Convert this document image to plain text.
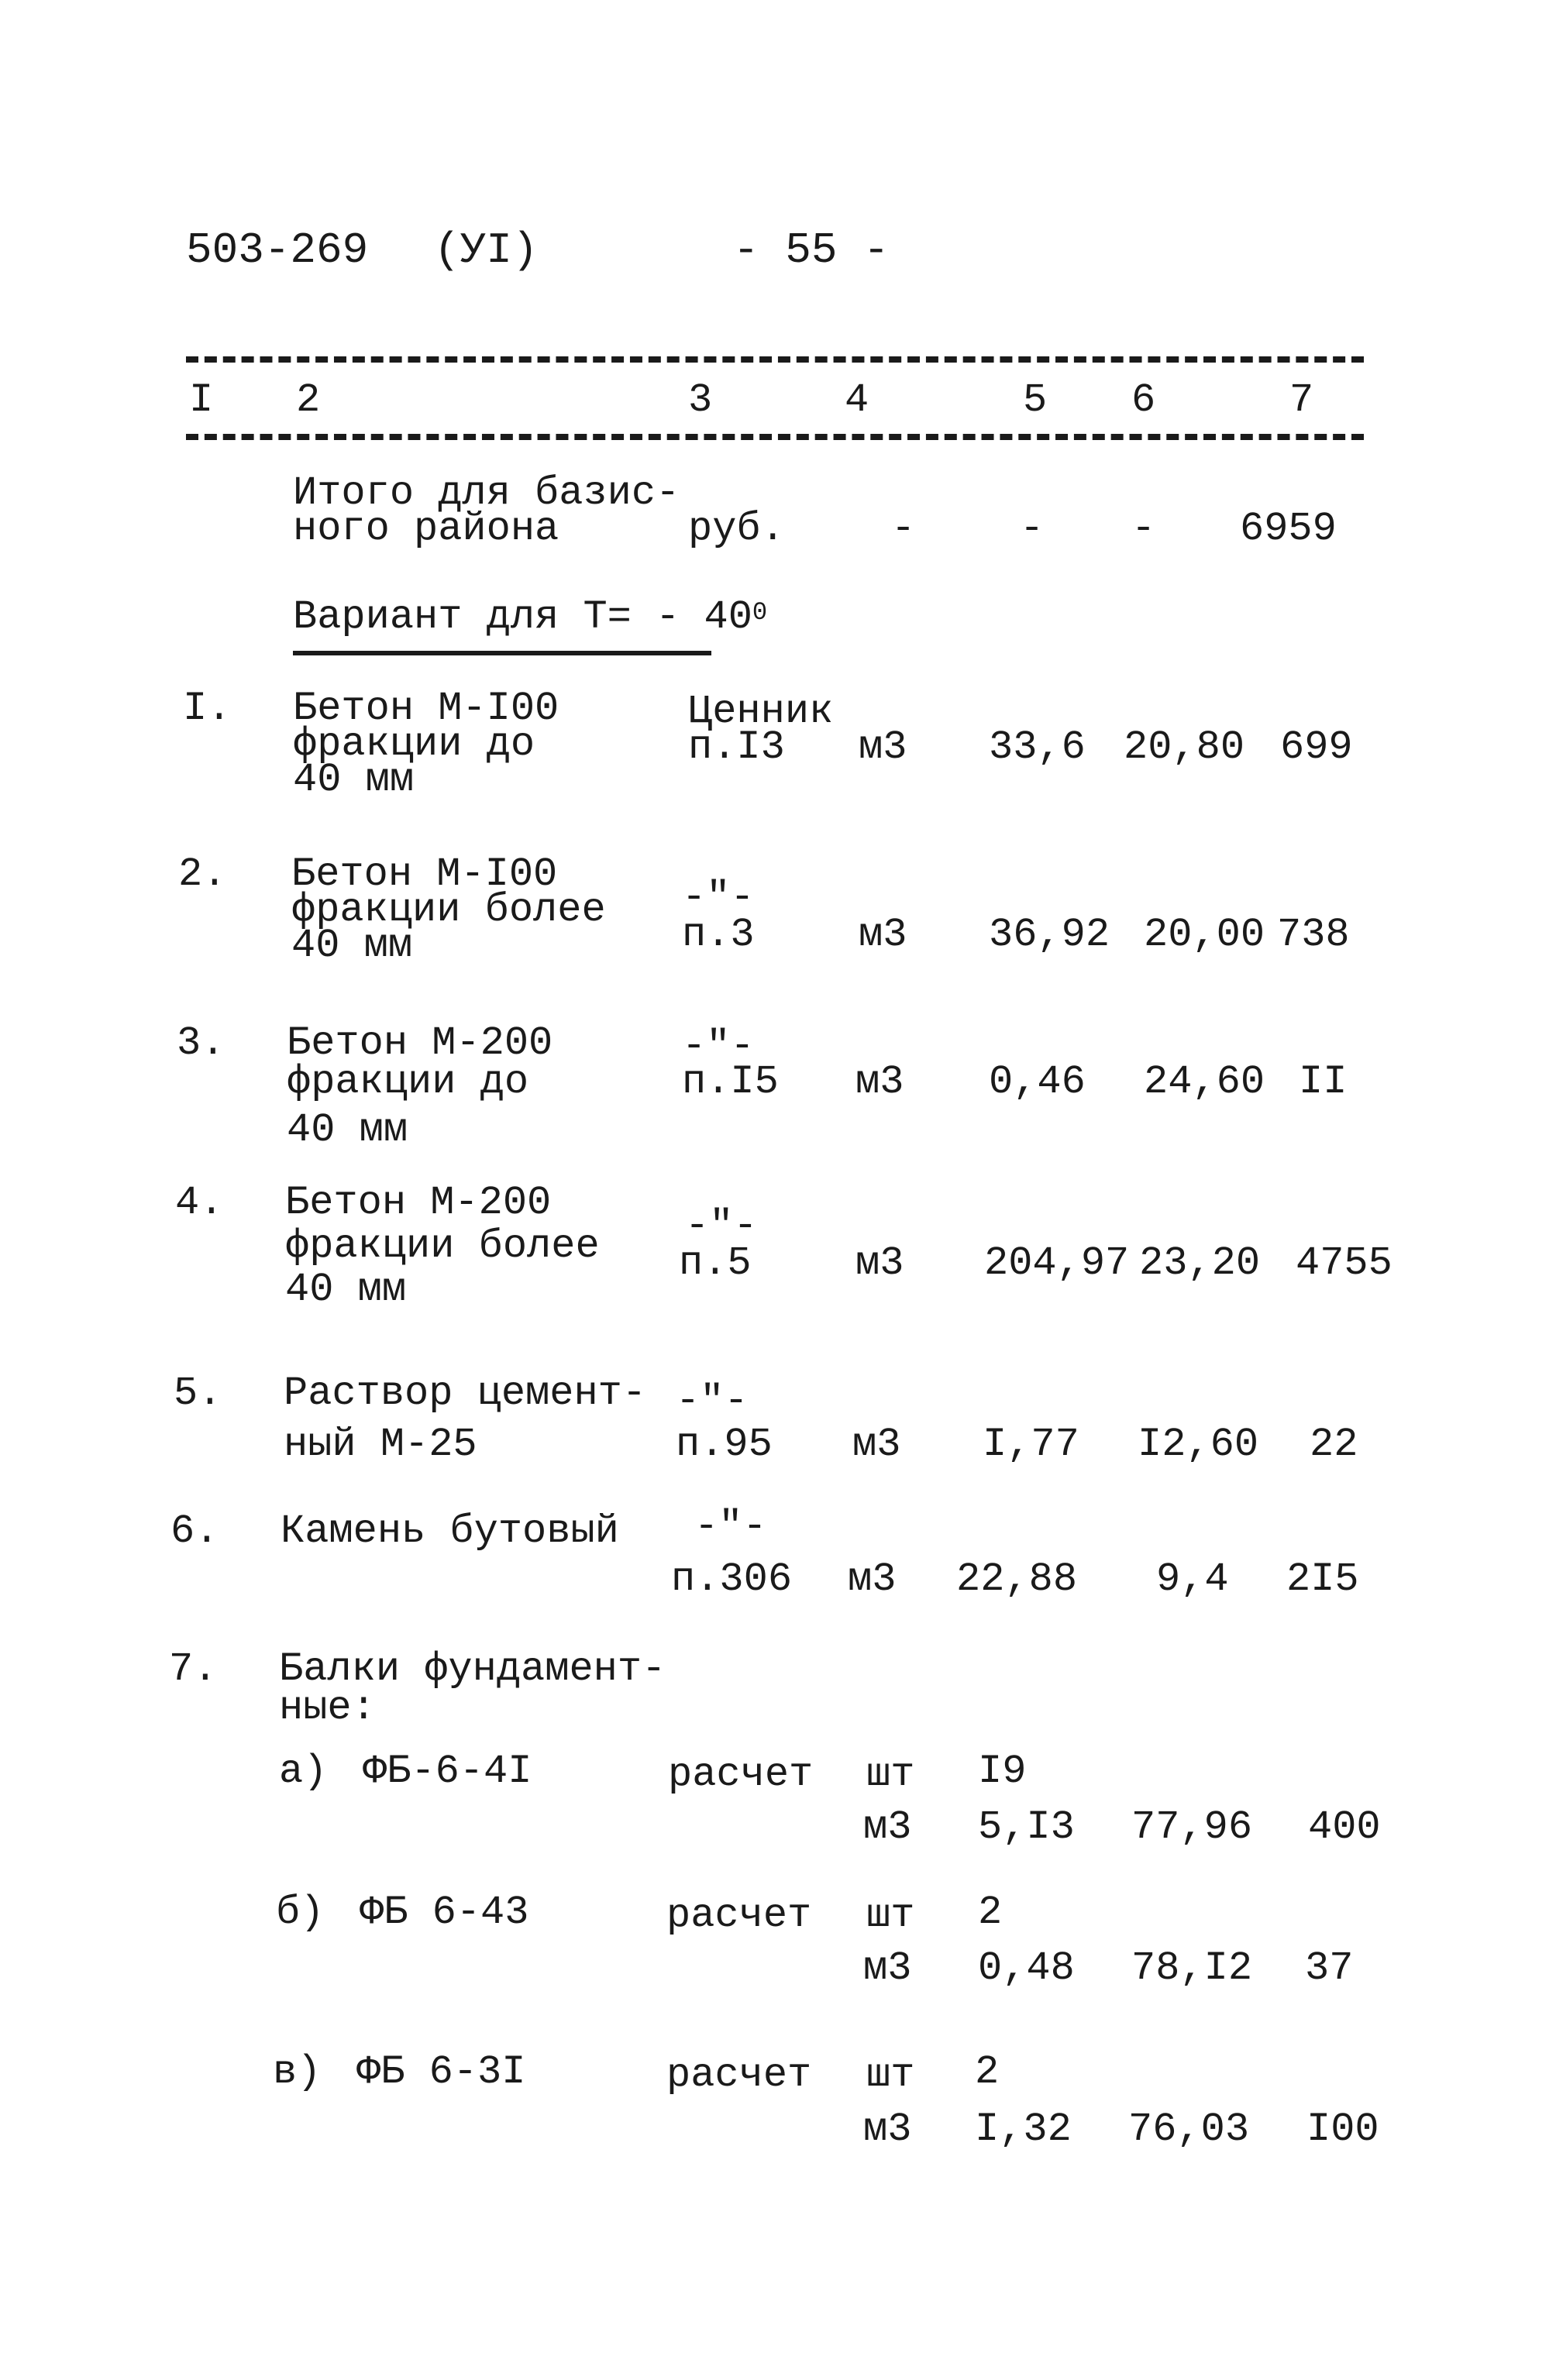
503-269 (УI)	- 55 -
I 2	3	4	5 6	7
Итого для базис-
ного района	руб.	-	- - 6959
Вариант для $Т= - 40^0$
I. Бетон М-I00
фракции до
40 мм
Ценник
п.I3 м3 33,6 20,80 699
2. Бетон М-I00
фракции более
40 мм
-"-
п.3	м3 36,92 20,00 738
3. Бетон М-200
фракции до
40 мм
-"-
п.I5 м3 0,46 24,60 II
4. Бетон М-200
фракции более
40 мм
-"-
п.5	м3 204,97 23,20 4755
5. Раствор цемент-
ный М-25
-"-
п.95 м3 I,77 I2,60 22
6. Камень бутовый -"-
п.306 м3 22,88 9,4 2I5
7. Балки фундамент-
ные:
а) ФБ-6-4I	расчет шт I9
м3 5,I3 77,96 400
б) ФБ 6-43	расчет шт 2
м3 0,48 78,I2 37
в) ФБ 6-3I	расчет шт 2
м3 I,32 76,03 I00
